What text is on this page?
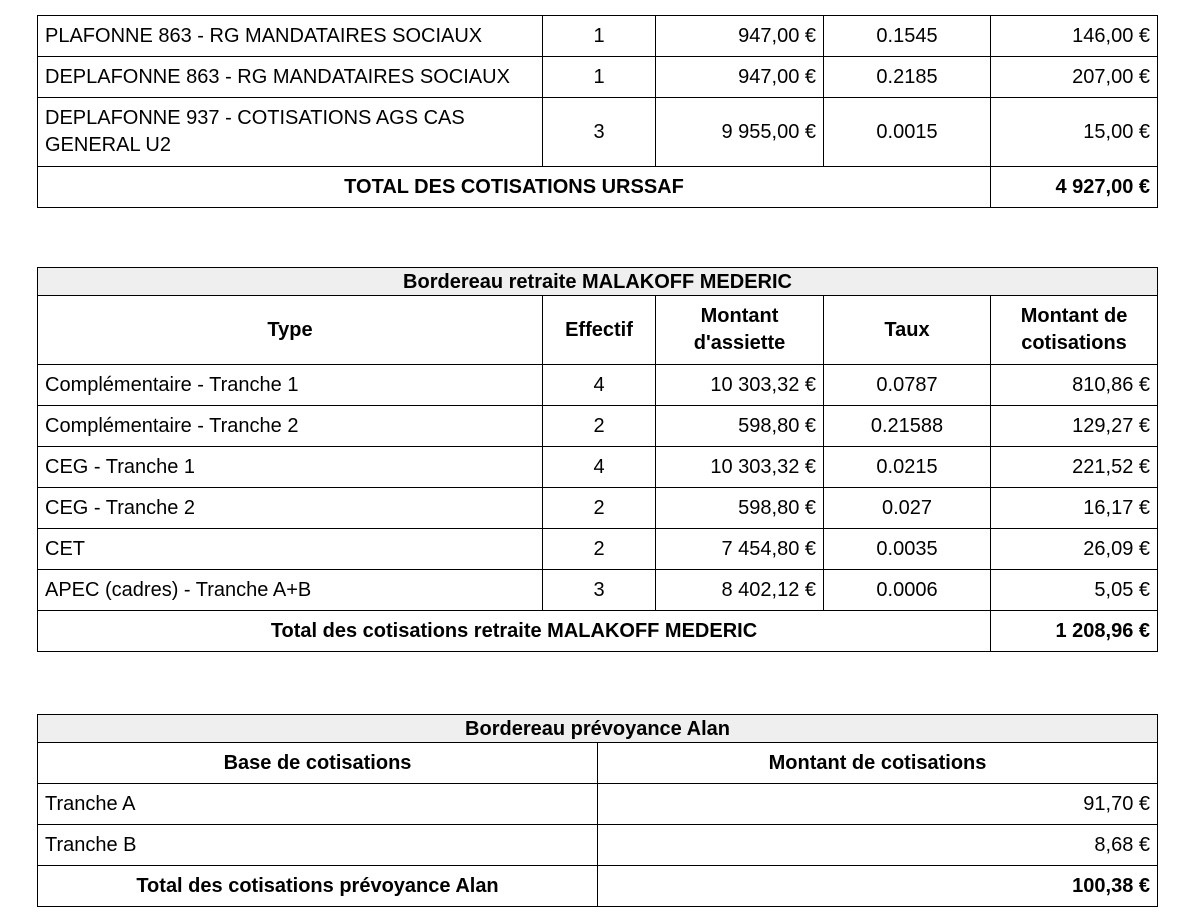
PLAFONNE 863 - RG MANDATAIRES SOCIAUX	1	947,00 €	0.1545	146,00 €
DEPLAFONNE 863 - RG MANDATAIRES SOCIAUX	1	947,00 €	0.2185	207,00 €
DEPLAFONNE 937 - COTISATIONS AGS CAS GENERAL U2	3	9 955,00 €	0.0015	15,00 €
TOTAL DES COTISATIONS URSSAF				4 927,00 €
Bordereau retraite MALAKOFF MEDERIC				
Type	Effectif	Montant d'assiette	Taux	Montant de cotisations
Complémentaire - Tranche 1	4	10 303,32 €	0.0787	810,86 €
Complémentaire - Tranche 2	2	598,80 €	0.21588	129,27 €
CEG - Tranche 1	4	10 303,32 €	0.0215	221,52 €
CEG - Tranche 2	2	598,80 €	0.027	16,17 €
CET	2	7 454,80 €	0.0035	26,09 €
APEC (cadres) - Tranche A+B	3	8 402,12 €	0.0006	5,05 €
Total des cotisations retraite MALAKOFF MEDERIC				1 208,96 €
Bordereau prévoyance Alan	
Base de cotisations	Montant de cotisations
Tranche A	91,70 €
Tranche B	8,68 €
Total des cotisations prévoyance Alan	100,38 €
